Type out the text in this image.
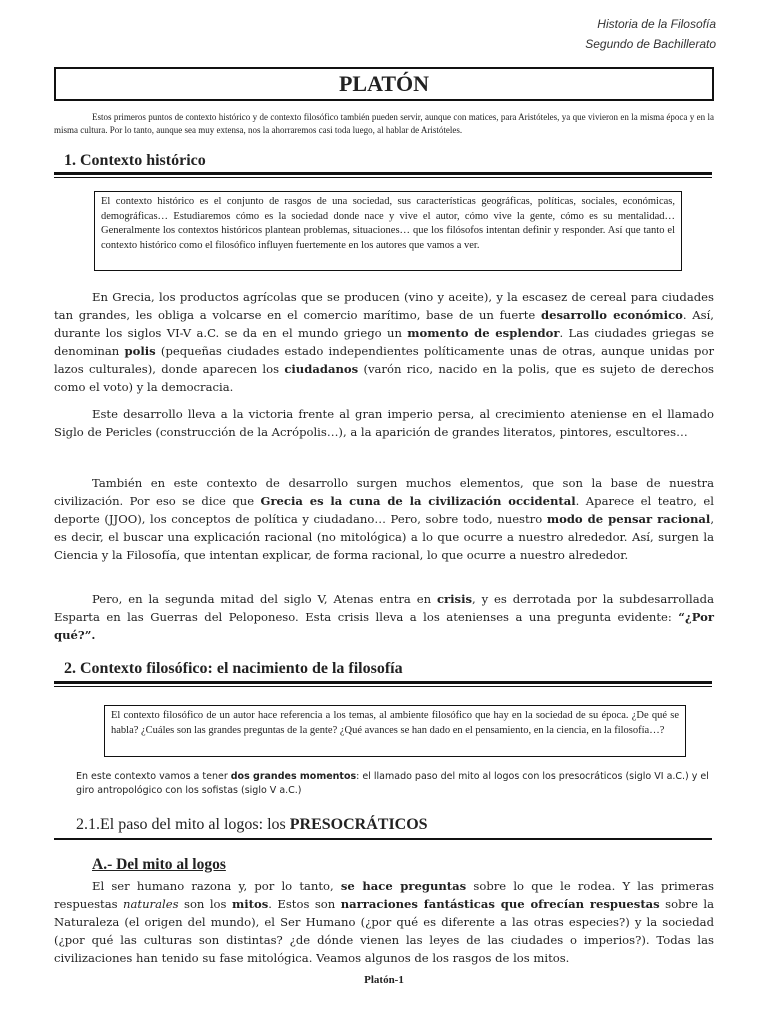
Historia de la Filosofía
Segundo de Bachillerato
PLATÓN
Estos primeros puntos de contexto histórico y de contexto filosófico también pueden servir, aunque con matices, para Aristóteles, ya que vivieron en la misma época y en la misma cultura. Por lo tanto, aunque sea muy extensa, nos la ahorraremos casi toda luego, al hablar de Aristóteles.
1. Contexto histórico
El contexto histórico es el conjunto de rasgos de una sociedad, sus características geográficas, políticas, sociales, económicas, demográficas… Estudiaremos cómo es la sociedad donde nace y vive el autor, cómo vive la gente, cómo es su mentalidad… Generalmente los contextos históricos plantean problemas, situaciones… que los filósofos intentan definir y responder. Así que tanto el contexto histórico como el filosófico influyen fuertemente en los autores que vamos a ver.
En Grecia, los productos agrícolas que se producen (vino y aceite), y la escasez de cereal para ciudades tan grandes, les obliga a volcarse en el comercio marítimo, base de un fuerte desarrollo económico. Así, durante los siglos VI-V a.C. se da en el mundo griego un momento de esplendor. Las ciudades griegas se denominan polis (pequeñas ciudades estado independientes políticamente unas de otras, aunque unidas por lazos culturales), donde aparecen los ciudadanos (varón rico, nacido en la polis, que es sujeto de derechos como el voto) y la democracia.
Este desarrollo lleva a la victoria frente al gran imperio persa, al crecimiento ateniense en el llamado Siglo de Pericles (construcción de la Acrópolis…), a la aparición de grandes literatos, pintores, escultores…
También en este contexto de desarrollo surgen muchos elementos, que son la base de nuestra civilización. Por eso se dice que Grecia es la cuna de la civilización occidental. Aparece el teatro, el deporte (JJOO), los conceptos de política y ciudadano… Pero, sobre todo, nuestro modo de pensar racional, es decir, el buscar una explicación racional (no mitológica) a lo que ocurre a nuestro alrededor. Así, surgen la Ciencia y la Filosofía, que intentan explicar, de forma racional, lo que ocurre a nuestro alrededor.
Pero, en la segunda mitad del siglo V, Atenas entra en crisis, y es derrotada por la subdesarrollada Esparta en las Guerras del Peloponeso. Esta crisis lleva a los atenienses a una pregunta evidente: “¿Por qué?”.
2. Contexto filosófico: el nacimiento de la filosofía
El contexto filosófico de un autor hace referencia a los temas, al ambiente filosófico que hay en la sociedad de su época. ¿De qué se habla? ¿Cuáles son las grandes preguntas de la gente? ¿Qué avances se han dado en el pensamiento, en la ciencia, en la filosofía…?
En este contexto vamos a tener dos grandes momentos: el llamado paso del mito al logos con los presocráticos (siglo VI a.C.) y el giro antropológico con los sofistas (siglo V a.C.)
2.1.El paso del mito al logos: los PRESOCRÁTICOS
A.- Del mito al logos
El ser humano razona y, por lo tanto, se hace preguntas sobre lo que le rodea. Y las primeras respuestas naturales son los mitos. Estos son narraciones fantásticas que ofrecían respuestas sobre la Naturaleza (el origen del mundo), el Ser Humano (¿por qué es diferente a las otras especies?) y la sociedad (¿por qué las culturas son distintas? ¿de dónde vienen las leyes de las ciudades o imperios?). Todas las civilizaciones han tenido su fase mitológica. Veamos algunos de los rasgos de los mitos.
Platón-1
